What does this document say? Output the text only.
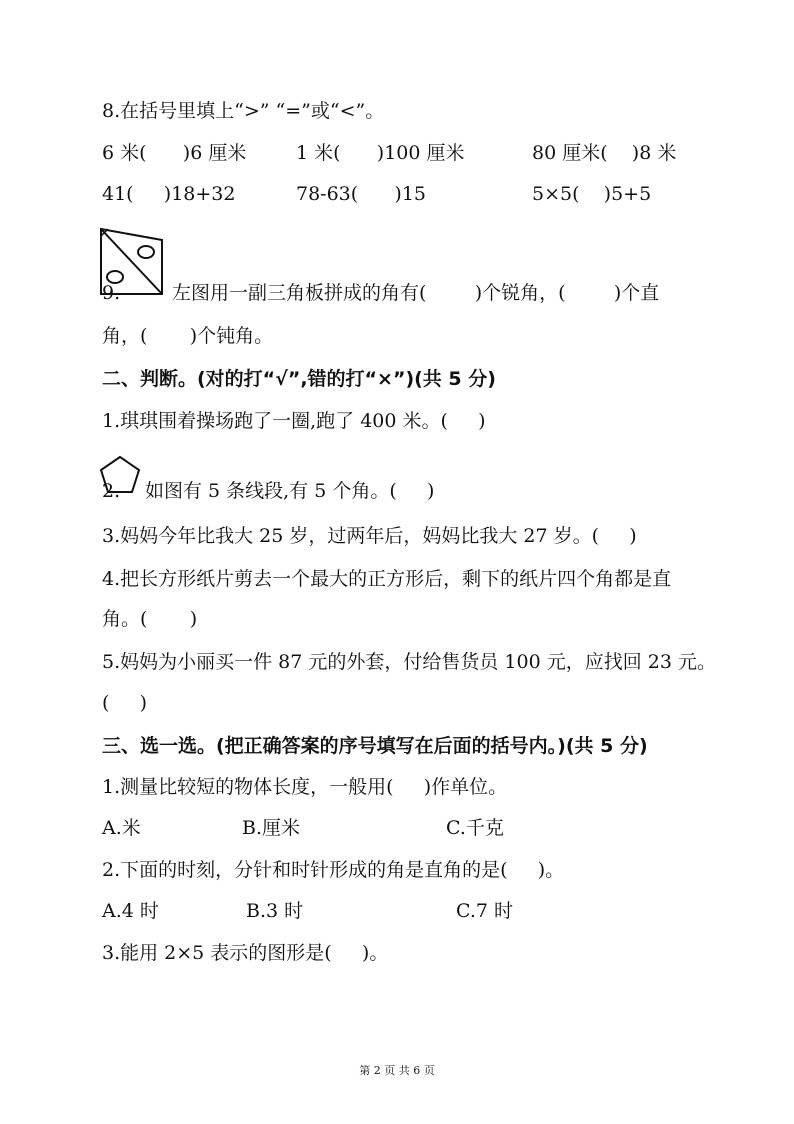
8.在括号里填上“>” “=”或“<”。
6 米(      )6 厘米	1 米(      )100 厘米	80 厘米(    )8 米
41(     )18+32	78-63(      )15	5×5(    )5+5
9.	左图用一副三角板拼成的角有(        )个锐角，(        )个直
角，(       )个钝角。
二、判断。(对的打“√”,错的打“×”)(共 5 分)
1.琪琪围着操场跑了一圈,跑了 400 米。(     )
2. 如图有 5 条线段,有 5 个角。(     )
3.妈妈今年比我大 25 岁，过两年后，妈妈比我大 27 岁。(     )
4.把长方形纸片剪去一个最大的正方形后，剩下的纸片四个角都是直
角。(       )
5.妈妈为小丽买一件 87 元的外套，付给售货员 100 元，应找回 23 元。
(     )
三、选一选。(把正确答案的序号填写在后面的括号内。)(共 5 分)
1.测量比较短的物体长度，一般用(     )作单位。
A.米	B.厘米	C.千克
2.下面的时刻，分针和时针形成的角是直角的是(     )。
A.4 时	B.3 时	C.7 时
3.能用 2×5 表示的图形是(     )。
第 2 页 共 6 页
